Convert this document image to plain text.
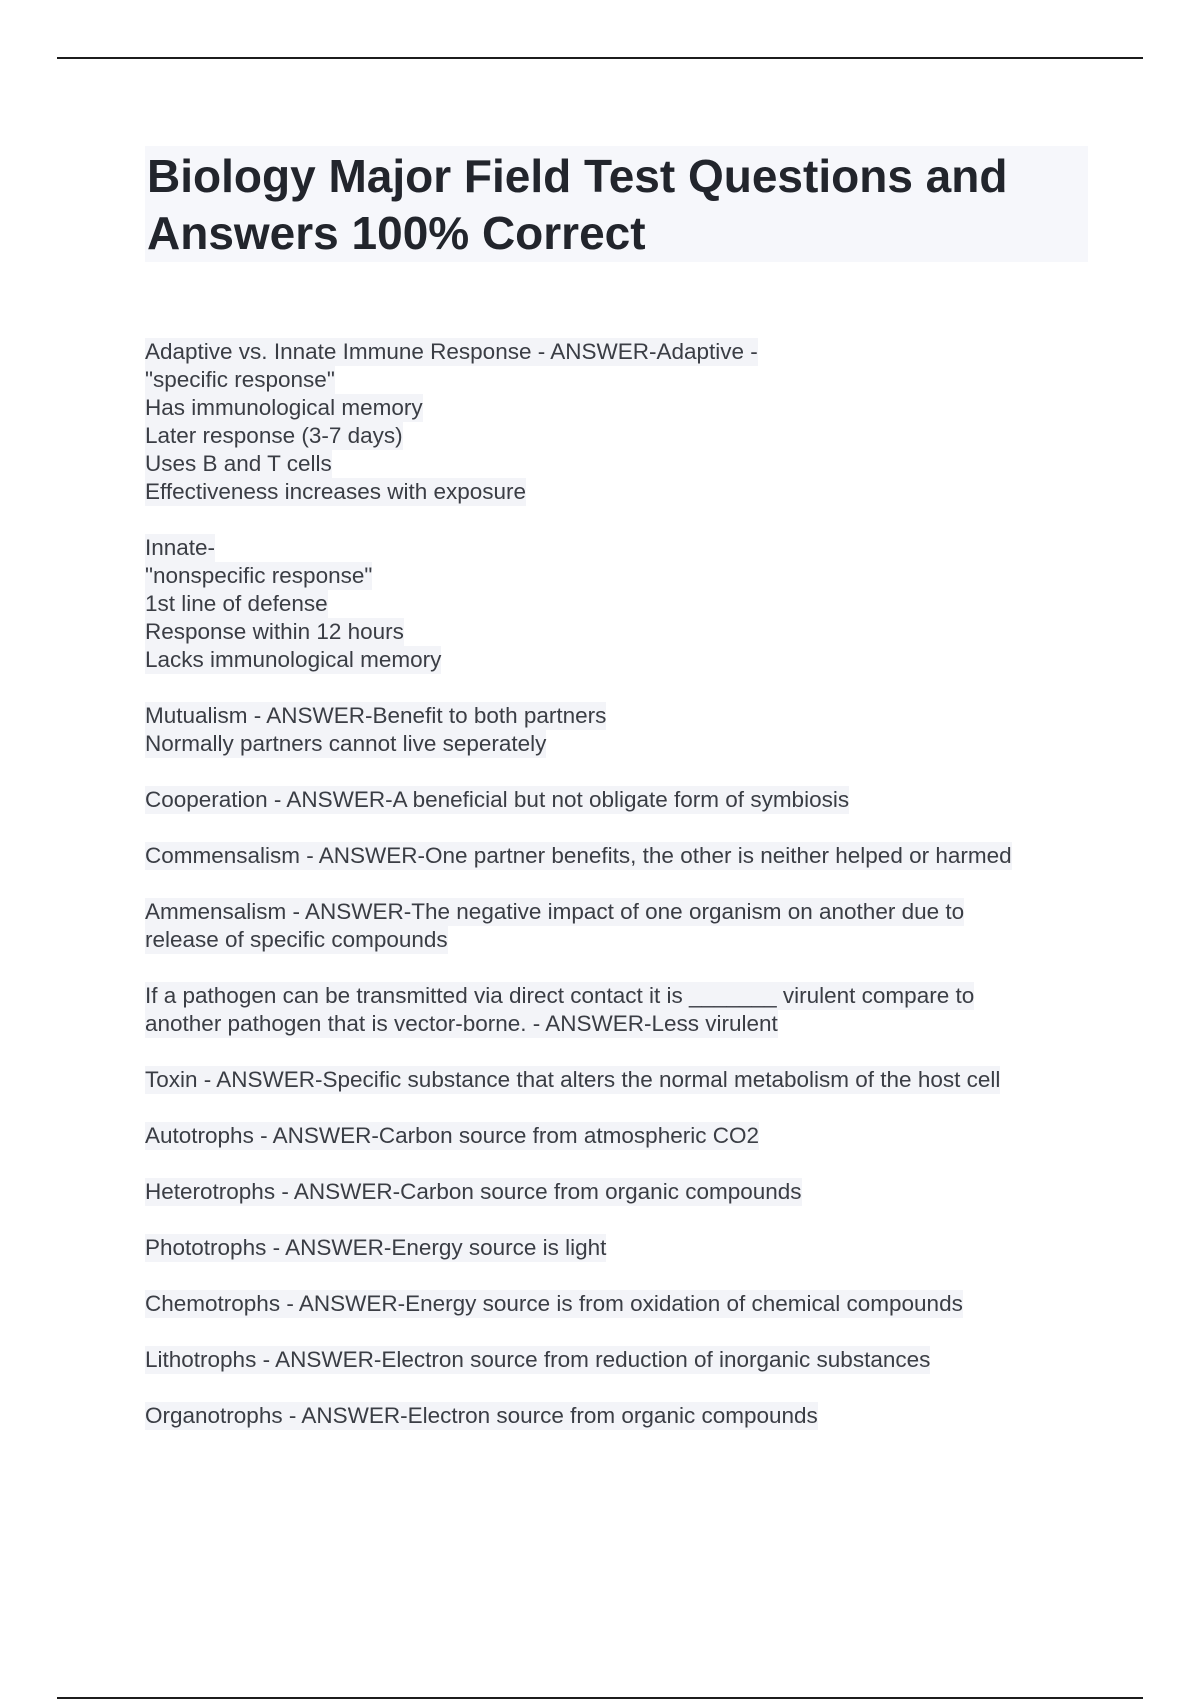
Biology Major Field Test Questions and
Answers 100% Correct
Adaptive vs. Innate Immune Response - ANSWER-Adaptive -
"specific response"
Has immunological memory
Later response (3-7 days)
Uses B and T cells
Effectiveness increases with exposure
Innate-
"nonspecific response"
1st line of defense
Response within 12 hours
Lacks immunological memory
Mutualism - ANSWER-Benefit to both partners
Normally partners cannot live seperately
Cooperation - ANSWER-A beneficial but not obligate form of symbiosis
Commensalism - ANSWER-One partner benefits, the other is neither helped or harmed
Ammensalism - ANSWER-The negative impact of one organism on another due to
release of specific compounds
If a pathogen can be transmitted via direct contact it is _______ virulent compare to
another pathogen that is vector-borne. - ANSWER-Less virulent
Toxin - ANSWER-Specific substance that alters the normal metabolism of the host cell
Autotrophs - ANSWER-Carbon source from atmospheric CO2
Heterotrophs - ANSWER-Carbon source from organic compounds
Phototrophs - ANSWER-Energy source is light
Chemotrophs - ANSWER-Energy source is from oxidation of chemical compounds
Lithotrophs - ANSWER-Electron source from reduction of inorganic substances
Organotrophs - ANSWER-Electron source from organic compounds
